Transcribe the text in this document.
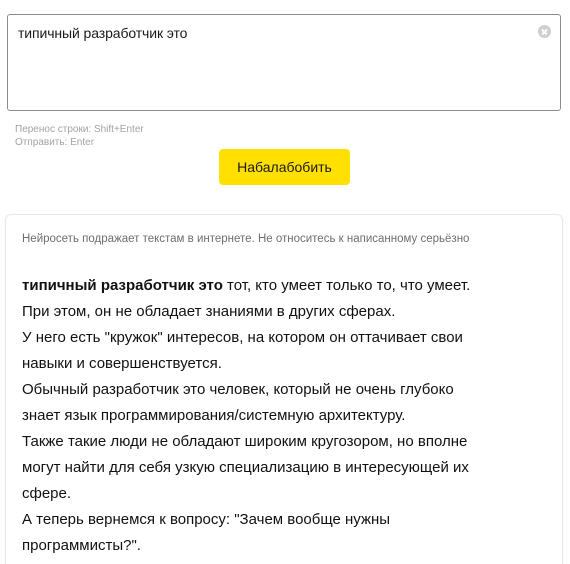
типичный разработчик это
Перенос строки: Shift+Enter
Отправить: Enter
Набалабобить
Нейросеть подражает текстам в интернете. Не относитесь к написанному серьёзно
типичный разработчик это тот, кто умеет только то, что умеет.
При этом, он не обладает знаниями в других сферах.
У него есть "кружок" интересов, на котором он оттачивает свои
навыки и совершенствуется.
Обычный разработчик это человек, который не очень глубоко
знает язык программирования/системную архитектуру.
Также такие люди не обладают широким кругозором, но вполне
могут найти для себя узкую специализацию в интересующей их
сфере.
А теперь вернемся к вопросу: "Зачем вообще нужны
программисты?".
